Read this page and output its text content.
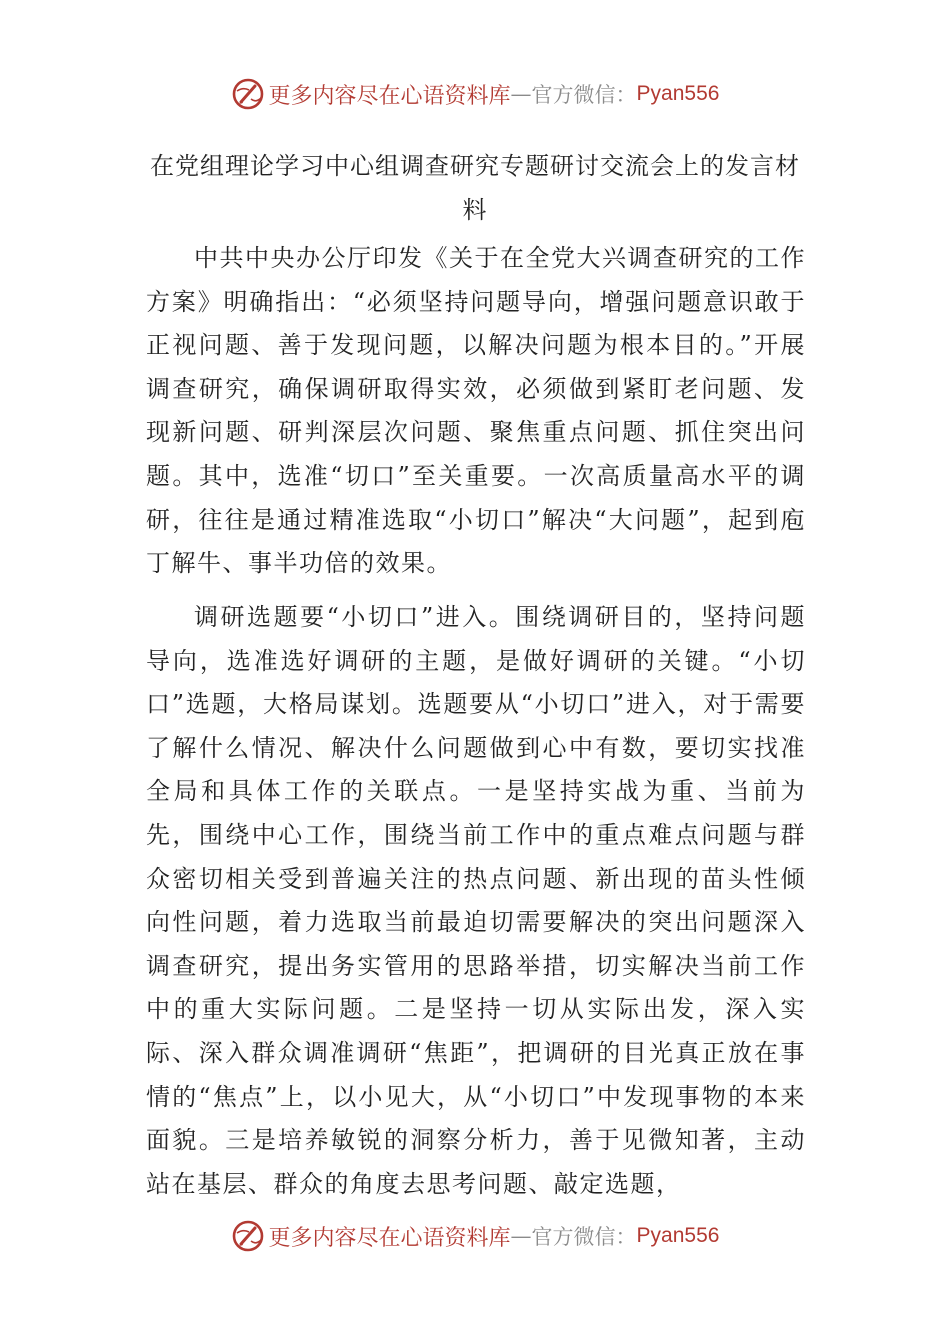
更多内容尽在心语资料库 — 官方微信： Pyan556
在党组理论学习中心组调查研究专题研讨交流会上的发言材料

中共中央办公厅印发《关于在全党大兴调查研究的工作方案》明确指出：“必须坚持问题导向，增强问题意识敢于正视问题、善于发现问题，以解决问题为根本目的。”开展调查研究，确保调研取得实效，必须做到紧盯老问题、发现新问题、研判深层次问题、聚焦重点问题、抓住突出问题。其中，选准“切口”至关重要。一次高质量高水平的调研，往往是通过精准选取“小切口”解决“大问题”，起到庖丁解牛、事半功倍的效果。

调研选题要“小切口”进入。围绕调研目的，坚持问题导向，选准选好调研的主题，是做好调研的关键。“小切口”选题，大格局谋划。选题要从“小切口”进入，对于需要了解什么情况、解决什么问题做到心中有数，要切实找准全局和具体工作的关联点。一是坚持实战为重、当前为先，围绕中心工作，围绕当前工作中的重点难点问题与群众密切相关受到普遍关注的热点问题、新出现的苗头性倾向性问题，着力选取当前最迫切需要解决的突出问题深入调查研究，提出务实管用的思路举措，切实解决当前工作中的重大实际问题。二是坚持一切从实际出发，深入实际、深入群众调准调研“焦距”，把调研的目光真正放在事情的“焦点”上，以小见大，从“小切口”中发现事物的本来面貌。三是培养敏锐的洞察分析力，善于见微知著，主动站在基层、群众的角度去思考问题、敲定选题，

更多内容尽在心语资料库 — 官方微信： Pyan556
